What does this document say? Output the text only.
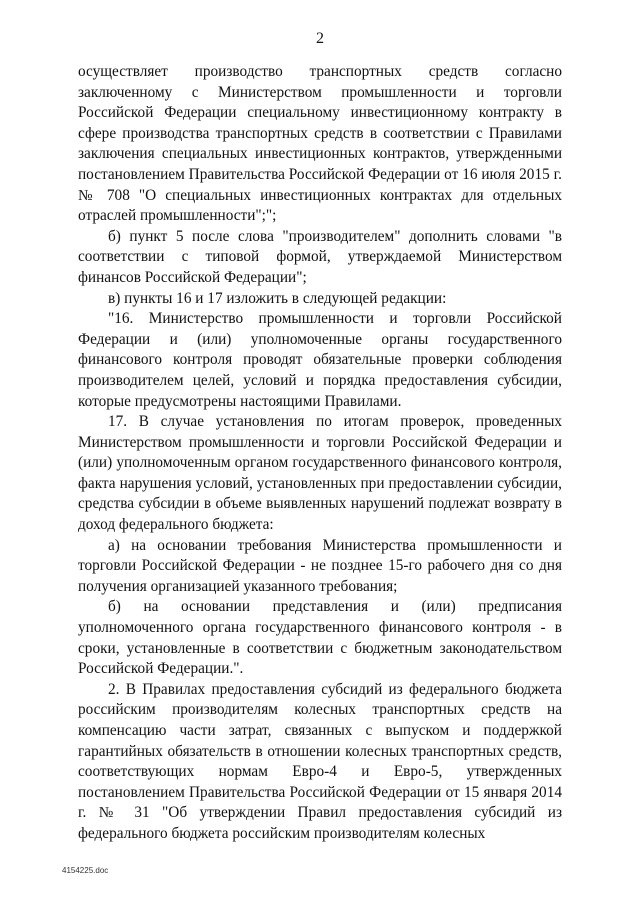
2

осуществляет производство транспортных средств согласно заключенному с Министерством промышленности и торговли Российской Федерации специальному инвестиционному контракту в сфере производства транспортных средств в соответствии с Правилами заключения специальных инвестиционных контрактов, утвержденными постановлением Правительства Российской Федерации от 16 июля 2015 г. № 708 "О специальных инвестиционных контрактах для отдельных отраслей промышленности";";

б) пункт 5 после слова "производителем" дополнить словами "в соответствии с типовой формой, утверждаемой Министерством финансов Российской Федерации";

в) пункты 16 и 17 изложить в следующей редакции:

"16. Министерство промышленности и торговли Российской Федерации и (или) уполномоченные органы государственного финансового контроля проводят обязательные проверки соблюдения производителем целей, условий и порядка предоставления субсидии, которые предусмотрены настоящими Правилами.

17. В случае установления по итогам проверок, проведенных Министерством промышленности и торговли Российской Федерации и (или) уполномоченным органом государственного финансового контроля, факта нарушения условий, установленных при предоставлении субсидии, средства субсидии в объеме выявленных нарушений подлежат возврату в доход федерального бюджета:

а) на основании требования Министерства промышленности и торговли Российской Федерации - не позднее 15-го рабочего дня со дня получения организацией указанного требования;

б) на основании представления и (или) предписания уполномоченного органа государственного финансового контроля - в сроки, установленные в соответствии с бюджетным законодательством Российской Федерации.".

2. В Правилах предоставления субсидий из федерального бюджета российским производителям колесных транспортных средств на компенсацию части затрат, связанных с выпуском и поддержкой гарантийных обязательств в отношении колесных транспортных средств, соответствующих нормам Евро-4 и Евро-5, утвержденных постановлением Правительства Российской Федерации от 15 января 2014 г. № 31 "Об утверждении Правил предоставления субсидий из федерального бюджета российским производителям колесных

4154225.doc
